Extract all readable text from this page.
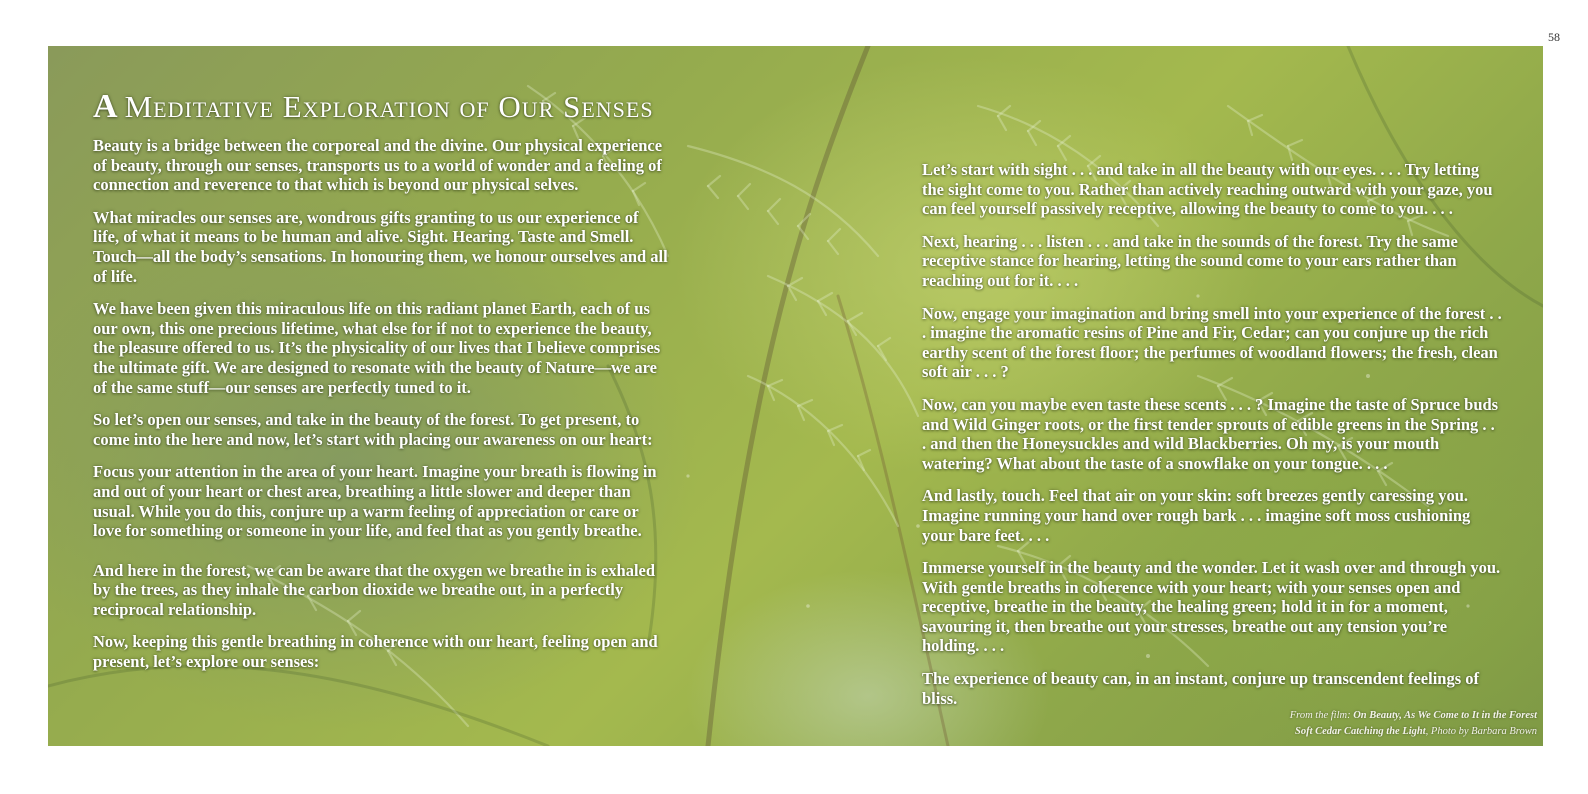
58
A Meditative Exploration of Our Senses

Beauty is a bridge between the corporeal and the divine. Our physical experience of beauty, through our senses, transports us to a world of wonder and a feeling of connection and reverence to that which is beyond our physical selves.

What miracles our senses are, wondrous gifts granting to us our experience of life, of what it means to be human and alive. Sight. Hearing. Taste and Smell. Touch—all the body’s sensations. In honouring them, we honour ourselves and all of life.

We have been given this miraculous life on this radiant planet Earth, each of us our own, this one precious lifetime, what else for if not to experience the beauty, the pleasure offered to us. It’s the physicality of our lives that I believe comprises the ultimate gift. We are designed to resonate with the beauty of Nature—we are of the same stuff—our senses are perfectly tuned to it.

So let’s open our senses, and take in the beauty of the forest. To get present, to come into the here and now, let’s start with placing our awareness on our heart:

Focus your attention in the area of your heart. Imagine your breath is flowing in and out of your heart or chest area, breathing a little slower and deeper than usual. While you do this, conjure up a warm feeling of appreciation or care or love for something or someone in your life, and feel that as you gently breathe.

And here in the forest, we can be aware that the oxygen we breathe in is exhaled by the trees, as they inhale the carbon dioxide we breathe out, in a perfectly reciprocal relationship.

Now, keeping this gentle breathing in coherence with our heart, feeling open and present, let’s explore our senses:

Let’s start with sight . . . and take in all the beauty with our eyes. . . . Try letting the sight come to you. Rather than actively reaching outward with your gaze, you can feel yourself passively receptive, allowing the beauty to come to you. . . .

Next, hearing . . . listen . . . and take in the sounds of the forest. Try the same receptive stance for hearing, letting the sound come to your ears rather than reaching out for it. . . .

Now, engage your imagination and bring smell into your experience of the forest . . . imagine the aromatic resins of Pine and Fir, Cedar; can you conjure up the rich earthy scent of the forest floor; the perfumes of woodland flowers; the fresh, clean soft air . . . ?

Now, can you maybe even taste these scents . . . ? Imagine the taste of Spruce buds and Wild Ginger roots, or the first tender sprouts of edible greens in the Spring . . . and then the Honeysuckles and wild Blackberries. Oh my, is your mouth watering? What about the taste of a snowflake on your tongue. . . .

And lastly, touch. Feel that air on your skin: soft breezes gently caressing you. Imagine running your hand over rough bark . . . imagine soft moss cushioning your bare feet. . . .

Immerse yourself in the beauty and the wonder. Let it wash over and through you. With gentle breaths in coherence with your heart; with your senses open and receptive, breathe in the beauty, the healing green; hold it in for a moment, savouring it, then breathe out your stresses, breathe out any tension you’re holding. . . .

The experience of beauty can, in an instant, conjure up transcendent feelings of bliss.

From the film: On Beauty, As We Come to It in the Forest
Soft Cedar Catching the Light, Photo by Barbara Brown
